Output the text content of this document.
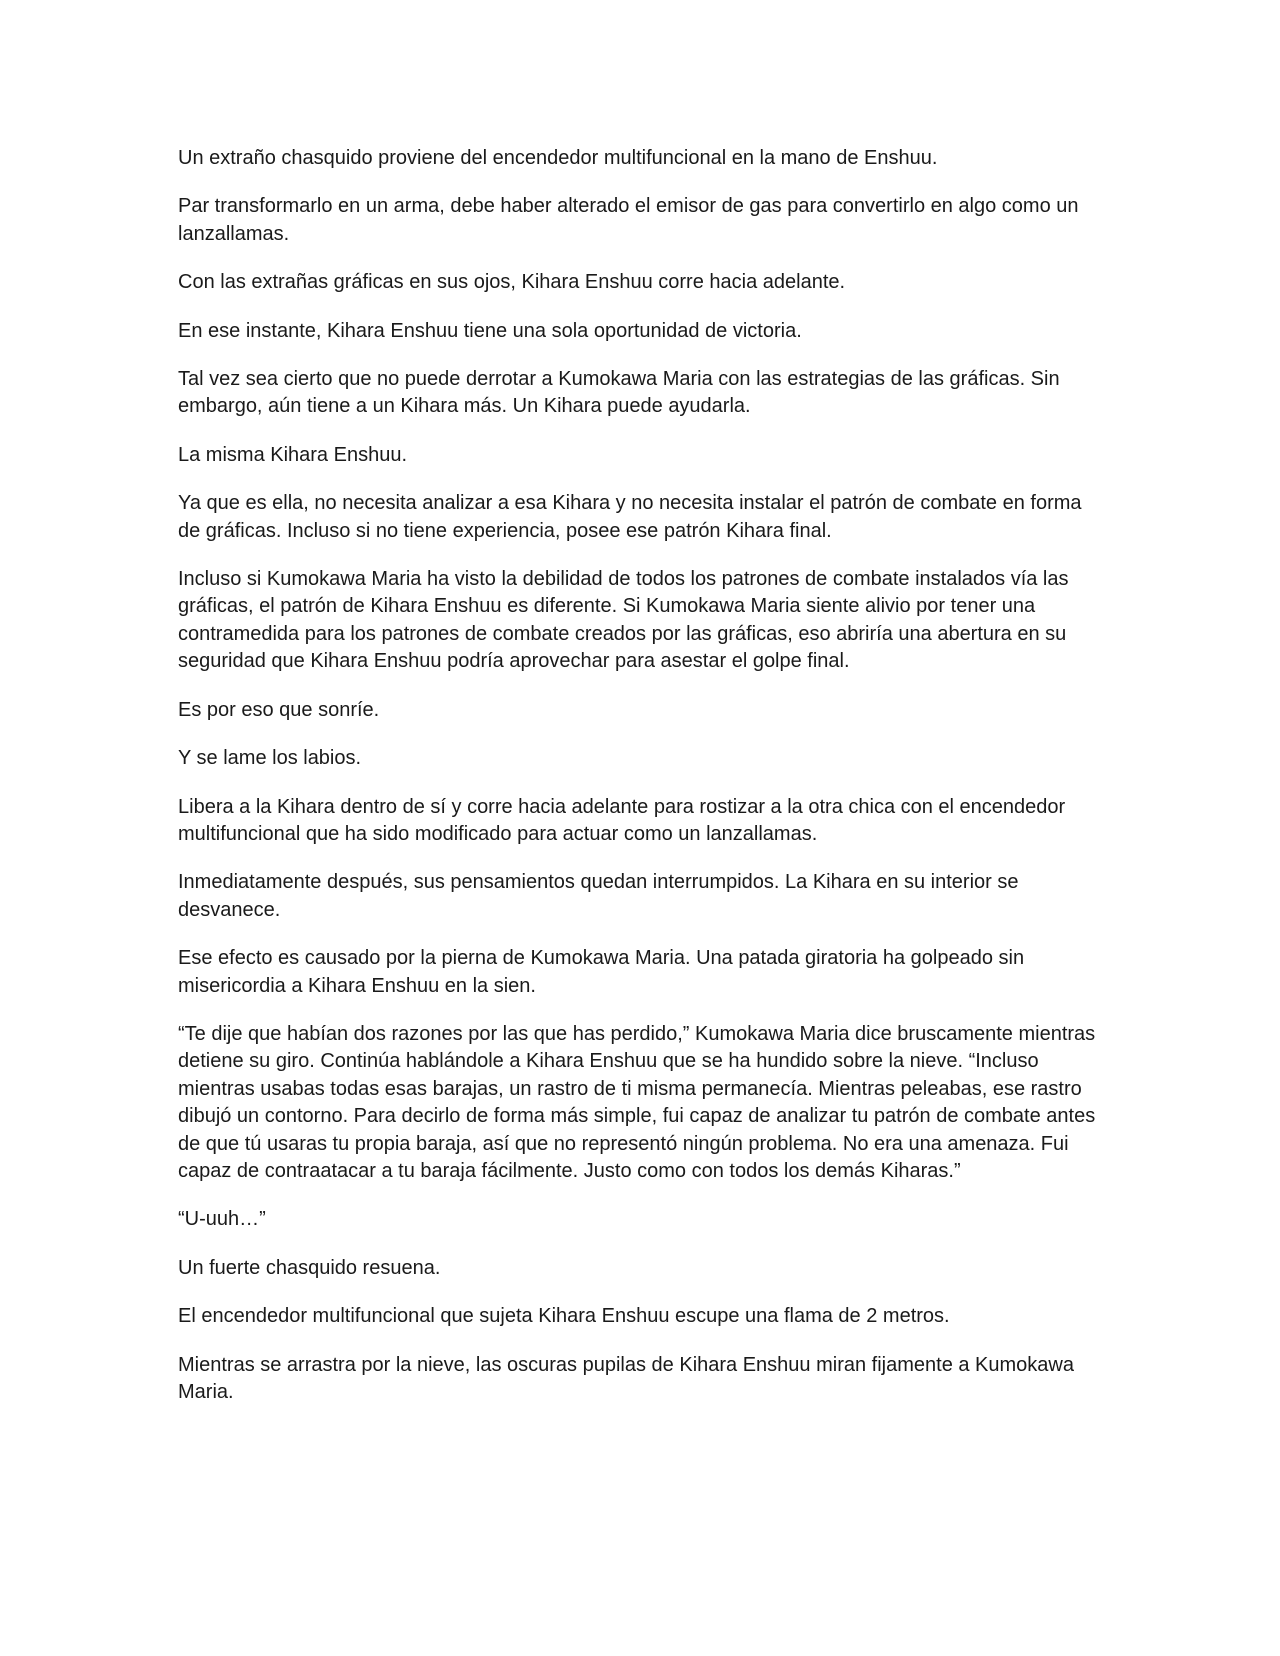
Un extraño chasquido proviene del encendedor multifuncional en la mano de Enshuu.

Par transformarlo en un arma, debe haber alterado el emisor de gas para convertirlo en algo como un lanzallamas.

Con las extrañas gráficas en sus ojos, Kihara Enshuu corre hacia adelante.

En ese instante, Kihara Enshuu tiene una sola oportunidad de victoria.

Tal vez sea cierto que no puede derrotar a Kumokawa Maria con las estrategias de las gráficas. Sin embargo, aún tiene a un Kihara más. Un Kihara puede ayudarla.

La misma Kihara Enshuu.

Ya que es ella, no necesita analizar a esa Kihara y no necesita instalar el patrón de combate en forma de gráficas. Incluso si no tiene experiencia, posee ese patrón Kihara final.

Incluso si Kumokawa Maria ha visto la debilidad de todos los patrones de combate instalados vía las gráficas, el patrón de Kihara Enshuu es diferente. Si Kumokawa Maria siente alivio por tener una contramedida para los patrones de combate creados por las gráficas, eso abriría una abertura en su seguridad que Kihara Enshuu podría aprovechar para asestar el golpe final.

Es por eso que sonríe.

Y se lame los labios.

Libera a la Kihara dentro de sí y corre hacia adelante para rostizar a la otra chica con el encendedor multifuncional que ha sido modificado para actuar como un lanzallamas.

Inmediatamente después, sus pensamientos quedan interrumpidos. La Kihara en su interior se desvanece.

Ese efecto es causado por la pierna de Kumokawa Maria. Una patada giratoria ha golpeado sin misericordia a Kihara Enshuu en la sien.

“Te dije que habían dos razones por las que has perdido,” Kumokawa Maria dice bruscamente mientras detiene su giro. Continúa hablándole a Kihara Enshuu que se ha hundido sobre la nieve. “Incluso mientras usabas todas esas barajas, un rastro de ti misma permanecía. Mientras peleabas, ese rastro dibujó un contorno. Para decirlo de forma más simple, fui capaz de analizar tu patrón de combate antes de que tú usaras tu propia baraja, así que no representó ningún problema. No era una amenaza. Fui capaz de contraatacar a tu baraja fácilmente. Justo como con todos los demás Kiharas.”

“U-uuh…”

Un fuerte chasquido resuena.

El encendedor multifuncional que sujeta Kihara Enshuu escupe una flama de 2 metros.

Mientras se arrastra por la nieve, las oscuras pupilas de Kihara Enshuu miran fijamente a Kumokawa Maria.
